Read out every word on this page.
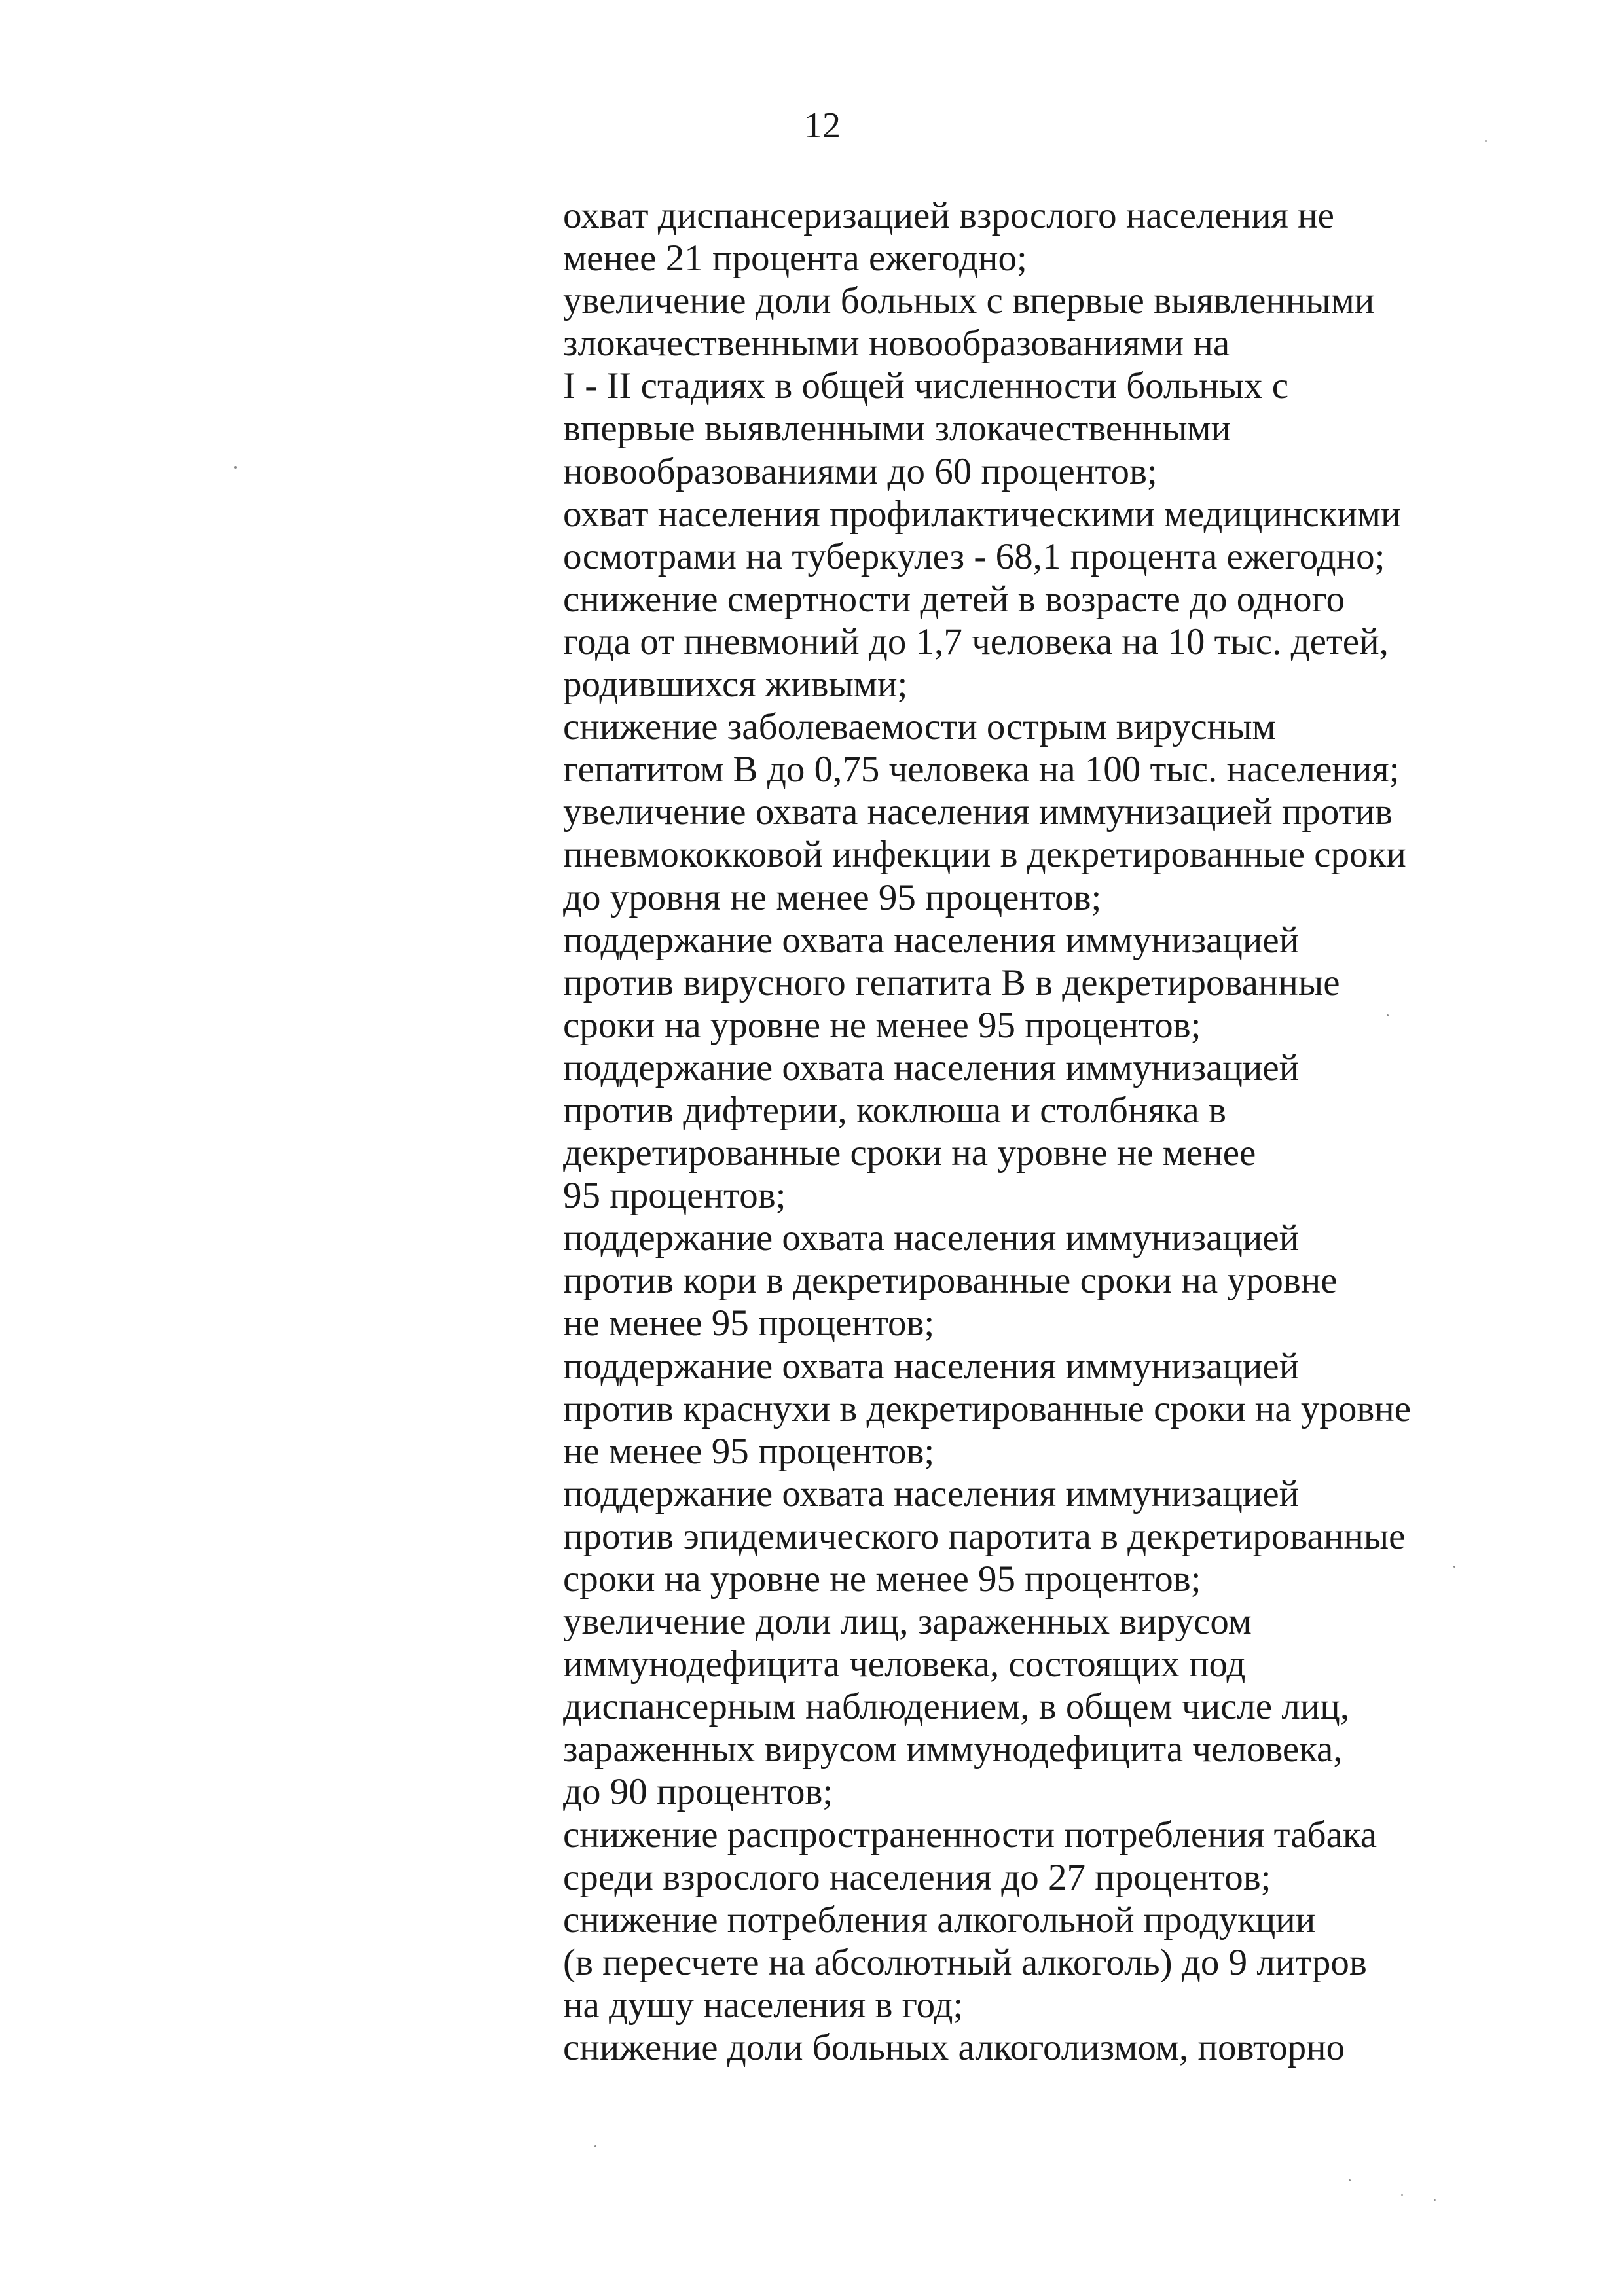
12

охват диспансеризацией взрослого населения не

менее 21 процента ежегодно;

увеличение доли больных с впервые выявленными

злокачественными новообразованиями на

I - II стадиях в общей численности больных с

впервые выявленными злокачественными

новообразованиями до 60 процентов;

охват населения профилактическими медицинскими

осмотрами на туберкулез - 68,1 процента ежегодно;

снижение смертности детей в возрасте до одного

года от пневмоний до 1,7 человека на 10 тыс. детей,

родившихся живыми;

снижение заболеваемости острым вирусным

гепатитом B до 0,75 человека на 100 тыс. населения;

увеличение охвата населения иммунизацией против

пневмококковой инфекции в декретированные сроки

до уровня не менее 95 процентов;

поддержание охвата населения иммунизацией

против вирусного гепатита B в декретированные

сроки на уровне не менее 95 процентов;

поддержание охвата населения иммунизацией

против дифтерии, коклюша и столбняка в

декретированные сроки на уровне не менее

95 процентов;

поддержание охвата населения иммунизацией

против кори в декретированные сроки на уровне

не менее 95 процентов;

поддержание охвата населения иммунизацией

против краснухи в декретированные сроки на уровне

не менее 95 процентов;

поддержание охвата населения иммунизацией

против эпидемического паротита в декретированные

сроки на уровне не менее 95 процентов;

увеличение доли лиц, зараженных вирусом

иммунодефицита человека, состоящих под

диспансерным наблюдением, в общем числе лиц,

зараженных вирусом иммунодефицита человека,

до 90 процентов;

снижение распространенности потребления табака

среди взрослого населения до 27 процентов;

снижение потребления алкогольной продукции

(в пересчете на абсолютный алкоголь) до 9 литров

на душу населения в год;

снижение доли больных алкоголизмом, повторно
